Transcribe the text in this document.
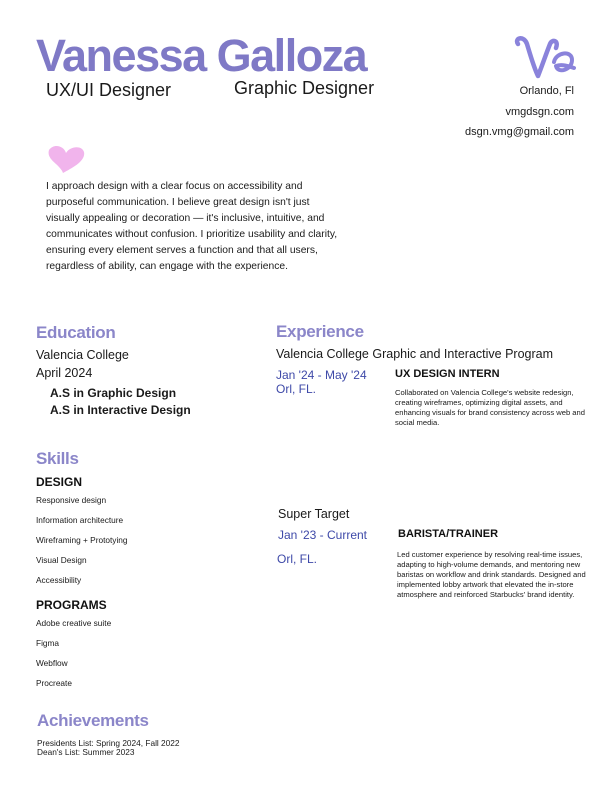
Vanessa Galloza
UX/UI Designer	Graphic Designer	Orlando, Fl
vmgdsgn.com
dsgn.vmg@gmail.com
I approach design with a clear focus on accessibility and purposeful communication. I believe great design isn't just visually appealing or decoration — it's inclusive, intuitive, and communicates without confusion. I prioritize usability and clarity, ensuring every element serves a function and that all users, regardless of ability, can engage with the experience.
Education
Valencia College
April 2024
A.S in Graphic Design
A.S in Interactive Design
Skills
DESIGN
Responsive design
Information architecture
Wireframing + Prototying
Visual Design
Accessibility
PROGRAMS
Adobe creative suite
Figma
Webflow
Procreate
Experience
Valencia College Graphic and Interactive Program
Jan '24 - May '24
Orl, FL.
UX DESIGN INTERN
Collaborated on Valencia College's website redesign, creating wireframes, optimizing digital assets, and enhancing visuals for brand consistency across web and social media.
Super Target
Jan '23 - Current
Orl, FL.
BARISTA/TRAINER
Led customer experience by resolving real-time issues, adapting to high-volume demands, and mentoring new baristas on workflow and drink standards. Designed and implemented lobby artwork that elevated the in-store atmosphere and reinforced Starbucks' brand identity.
Achievements
Presidents List: Spring 2024, Fall 2022
Dean's List: Summer 2023
